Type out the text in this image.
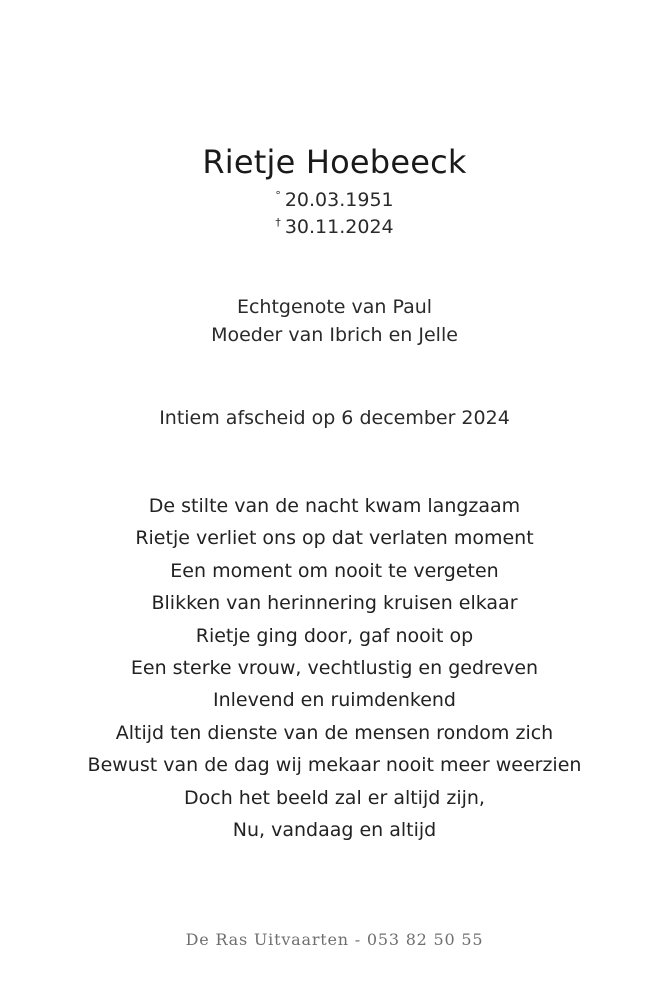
Rietje Hoebeeck
° 20.03.1951
† 30.11.2024
Echtgenote van Paul
Moeder van Ibrich en Jelle
Intiem afscheid op 6 december 2024
De stilte van de nacht kwam langzaam
Rietje verliet ons op dat verlaten moment
Een moment om nooit te vergeten
Blikken van herinnering kruisen elkaar
Rietje ging door, gaf nooit op
Een sterke vrouw, vechtlustig en gedreven
Inlevend en ruimdenkend
Altijd ten dienste van de mensen rondom zich
Bewust van de dag wij mekaar nooit meer weerzien
Doch het beeld zal er altijd zijn,
Nu, vandaag en altijd
De Ras Uitvaarten - 053 82 50 55
